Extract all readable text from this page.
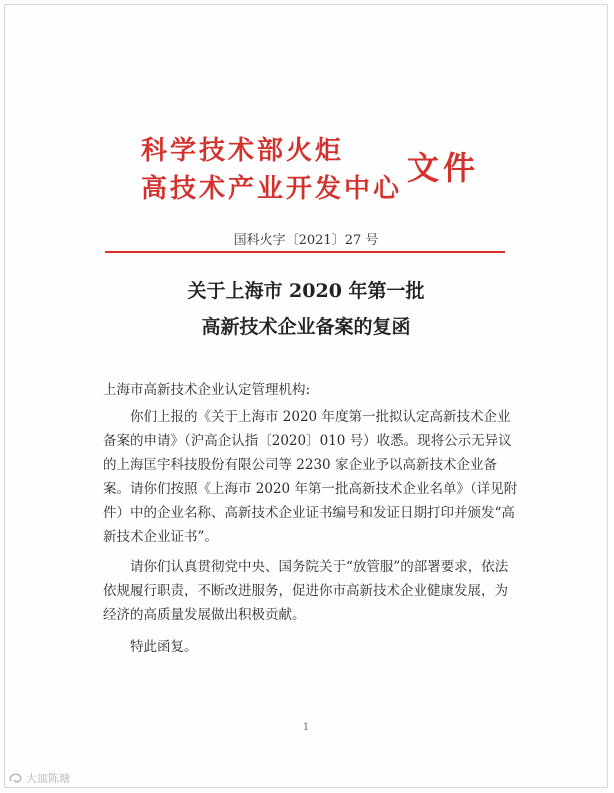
科学技术部火炬
高技术产业开发中心
文件
国科火字〔2021〕27 号
关于上海市 2020 年第一批
高新技术企业备案的复函

上海市高新技术企业认定管理机构:

你们上报的《关于上海市 2020 年度第一批拟认定高新技术企业备案的申请》（沪高企认指〔2020〕010 号）收悉。现将公示无异议的上海匡宇科技股份有限公司等 2230 家企业予以高新技术企业备案。请你们按照《上海市 2020 年第一批高新技术企业名单》（详见附件）中的企业名称、高新技术企业证书编号和发证日期打印并颁发“高新技术企业证书”。

请你们认真贯彻党中央、国务院关于“放管服”的部署要求，依法依规履行职责，不断改进服务，促进你市高新技术企业健康发展，为经济的高质量发展做出积极贡献。

特此函复。

1
大皿陈塘
